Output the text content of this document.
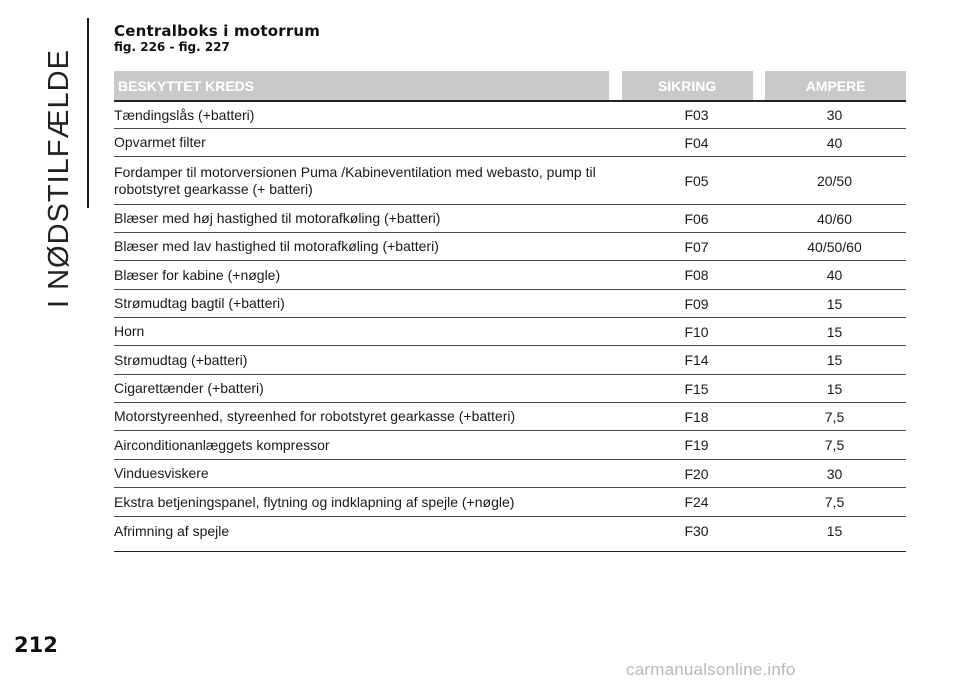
I NØDSTILFÆLDE
Centralboks i motorrum
fig. 226 - fig. 227
BESKYTTET KREDS	SIKRING	AMPERE
Tændingslås (+batteri)	F03	30
Opvarmet filter	F04	40
Fordamper til motorversionen Puma /Kabineventilation med webasto, pump til robotstyret gearkasse (+ batteri)	F05	20/50
Blæser med høj hastighed til motorafkøling (+batteri)	F06	40/60
Blæser med lav hastighed til motorafkøling (+batteri)	F07	40/50/60
Blæser for kabine (+nøgle)	F08	40
Strømudtag bagtil (+batteri)	F09	15
Horn	F10	15
Strømudtag (+batteri)	F14	15
Cigarettænder (+batteri)	F15	15
Motorstyreenhed, styreenhed for robotstyret gearkasse (+batteri)	F18	7,5
Airconditionanlæggets kompressor	F19	7,5
Vinduesviskere	F20	30
Ekstra betjeningspanel, flytning og indklapning af spejle (+nøgle)	F24	7,5
Afrimning af spejle	F30	15
212
carmanualsonline.info
